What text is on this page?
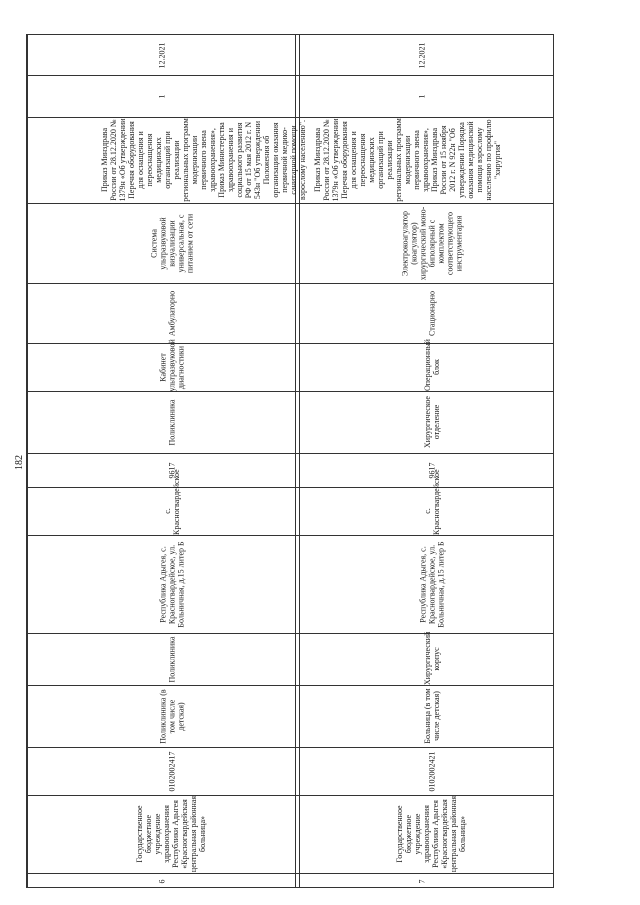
182
12.2021
1
Приказ Минздрава России от 28.12.2020 № 1379н «Об утверждении Перечня оборудования для оснащения и переоснащения медицинских организаций при реализации региональных программ модернизации первичного звена здравоохранения», Приказ Министерства здравоохранения и социального развития РФ от 15 мая 2012 г. N 543н "Об утверждении Положения об организации оказания первичной медико-санитарной помощи взрослому населению".
Система ультразвуковой визуализации универсальная, с питанием от сети
Амбулаторно
Кабинет ультразвуковой диагностики
Поликлиника
9617
с. Красногвардейское
Республика Адыгея, с. Красногвардейское, ул. Больничная, д.15 литер Б
Поликлиника
Поликлиника (в том числе детская)
0102002417
Государственное бюджетное учреждение здравоохранения Республики Адыгея «Красногвардейская центральная районная больница»
6
12.2021
1
Приказ Минздрава России от 28.12.2020 № 1379н «Об утверждении Перечня оборудования для оснащения и переоснащения медицинских организаций при реализации региональных программ модернизации первичного звена здравоохранения», Приказ Минздрава России от 15 ноября 2012 г. N 922н "Об утверждении Порядка оказания медицинской помощи взрослому населению по профилю "хирургия"
Электрокоагулятор (коагулятор) хирургический моно- биполярный с комплектом соответствующего инструментария
Стационарно
Операционный блок
Хирургическое отделение
9617
с. Красногвардейское
Республика Адыгея, с. Красногвардейское, ул. Больничная, д.15 литер Б
Хирургический корпус
Больница (в том числе детская)
0102002421
Государственное бюджетное учреждение здравоохранения Республики Адыгея «Красногвардейская центральная районная больница»
7
